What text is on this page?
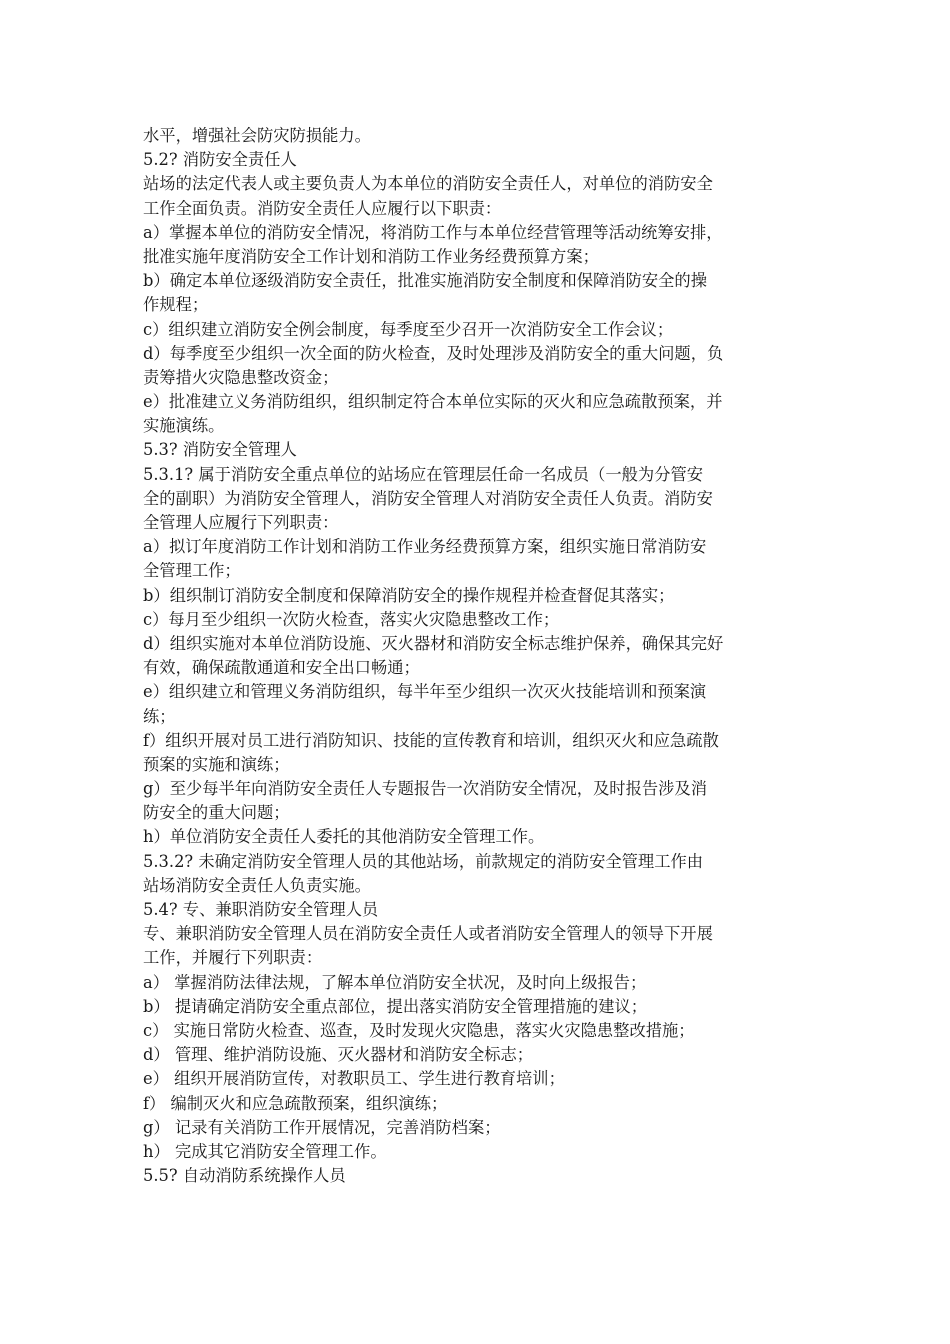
水平，增强社会防灾防损能力。
5.2? 消防安全责任人
站场的法定代表人或主要负责人为本单位的消防安全责任人，对单位的消防安全
工作全面负责。消防安全责任人应履行以下职责：
a）掌握本单位的消防安全情况，将消防工作与本单位经营管理等活动统筹安排，
批准实施年度消防安全工作计划和消防工作业务经费预算方案；
b）确定本单位逐级消防安全责任，批准实施消防安全制度和保障消防安全的操
作规程；
c）组织建立消防安全例会制度，每季度至少召开一次消防安全工作会议；
d）每季度至少组织一次全面的防火检查，及时处理涉及消防安全的重大问题，负
责筹措火灾隐患整改资金；
e）批准建立义务消防组织，组织制定符合本单位实际的灭火和应急疏散预案，并
实施演练。
5.3? 消防安全管理人
5.3.1? 属于消防安全重点单位的站场应在管理层任命一名成员（一般为分管安
全的副职）为消防安全管理人，消防安全管理人对消防安全责任人负责。消防安
全管理人应履行下列职责：
a）拟订年度消防工作计划和消防工作业务经费预算方案，组织实施日常消防安
全管理工作；
b）组织制订消防安全制度和保障消防安全的操作规程并检查督促其落实；
c）每月至少组织一次防火检查，落实火灾隐患整改工作；
d）组织实施对本单位消防设施、灭火器材和消防安全标志维护保养，确保其完好
有效，确保疏散通道和安全出口畅通；
e）组织建立和管理义务消防组织，每半年至少组织一次灭火技能培训和预案演
练；
f）组织开展对员工进行消防知识、技能的宣传教育和培训，组织灭火和应急疏散
预案的实施和演练；
g）至少每半年向消防安全责任人专题报告一次消防安全情况，及时报告涉及消
防安全的重大问题；
h）单位消防安全责任人委托的其他消防安全管理工作。
5.3.2? 未确定消防安全管理人员的其他站场，前款规定的消防安全管理工作由
站场消防安全责任人负责实施。
5.4? 专、兼职消防安全管理人员
专、兼职消防安全管理人员在消防安全责任人或者消防安全管理人的领导下开展
工作，并履行下列职责：
a） 掌握消防法律法规，了解本单位消防安全状况，及时向上级报告；
b） 提请确定消防安全重点部位，提出落实消防安全管理措施的建议；
c） 实施日常防火检查、巡查，及时发现火灾隐患，落实火灾隐患整改措施；
d） 管理、维护消防设施、灭火器材和消防安全标志；
e） 组织开展消防宣传，对教职员工、学生进行教育培训；
f） 编制灭火和应急疏散预案，组织演练；
g） 记录有关消防工作开展情况，完善消防档案；
h） 完成其它消防安全管理工作。
5.5? 自动消防系统操作人员
